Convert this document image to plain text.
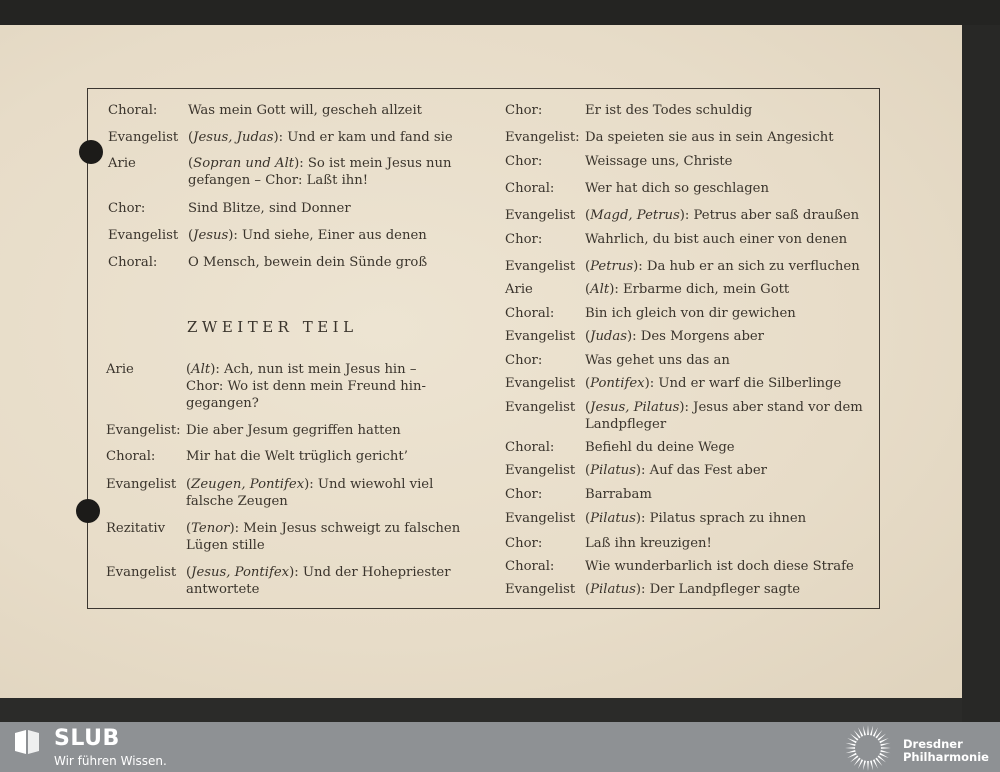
Choral: Was mein Gott will, gescheh allzeit
Evangelist (Jesus, Judas): Und er kam und fand sie
Arie	(Sopran und Alt): So ist mein Jesus nun
gefangen – Chor: Laßt ihn!
Chor:	Sind Blitze, sind Donner
Evangelist (Jesus): Und siehe, Einer aus denen
Choral: O Mensch, bewein dein Sünde groß
ZWEITER TEIL
Arie	(Alt): Ach, nun ist mein Jesus hin –
Chor: Wo ist denn mein Freund hin-
gegangen?
Evangelist: Die aber Jesum gegriffen hatten
Choral: Mir hat die Welt trüglich gericht’
Evangelist (Zeugen, Pontifex): Und wiewohl viel
falsche Zeugen
Rezitativ (Tenor): Mein Jesus schweigt zu falschen
Lügen stille
Evangelist (Jesus, Pontifex): Und der Hohepriester
antwortete
Chor:	Er ist des Todes schuldig
Evangelist: Da speieten sie aus in sein Angesicht
Chor:	Weissage uns, Christe
Choral: Wer hat dich so geschlagen
Evangelist (Magd, Petrus): Petrus aber saß draußen
Chor:	Wahrlich, du bist auch einer von denen
Evangelist (Petrus): Da hub er an sich zu verfluchen
Arie	(Alt): Erbarme dich, mein Gott
Choral: Bin ich gleich von dir gewichen
Evangelist (Judas): Des Morgens aber
Chor:	Was gehet uns das an
Evangelist (Pontifex): Und er warf die Silberlinge
Evangelist (Jesus, Pilatus): Jesus aber stand vor dem
Landpfleger
Choral: Befiehl du deine Wege
Evangelist (Pilatus): Auf das Fest aber
Chor:	Barrabam
Evangelist (Pilatus): Pilatus sprach zu ihnen
Chor:	Laß ihn kreuzigen!
Choral: Wie wunderbarlich ist doch diese Strafe
Evangelist (Pilatus): Der Landpfleger sagte
SLUB
Wir führen Wissen.
Dresdner
Philharmonie
